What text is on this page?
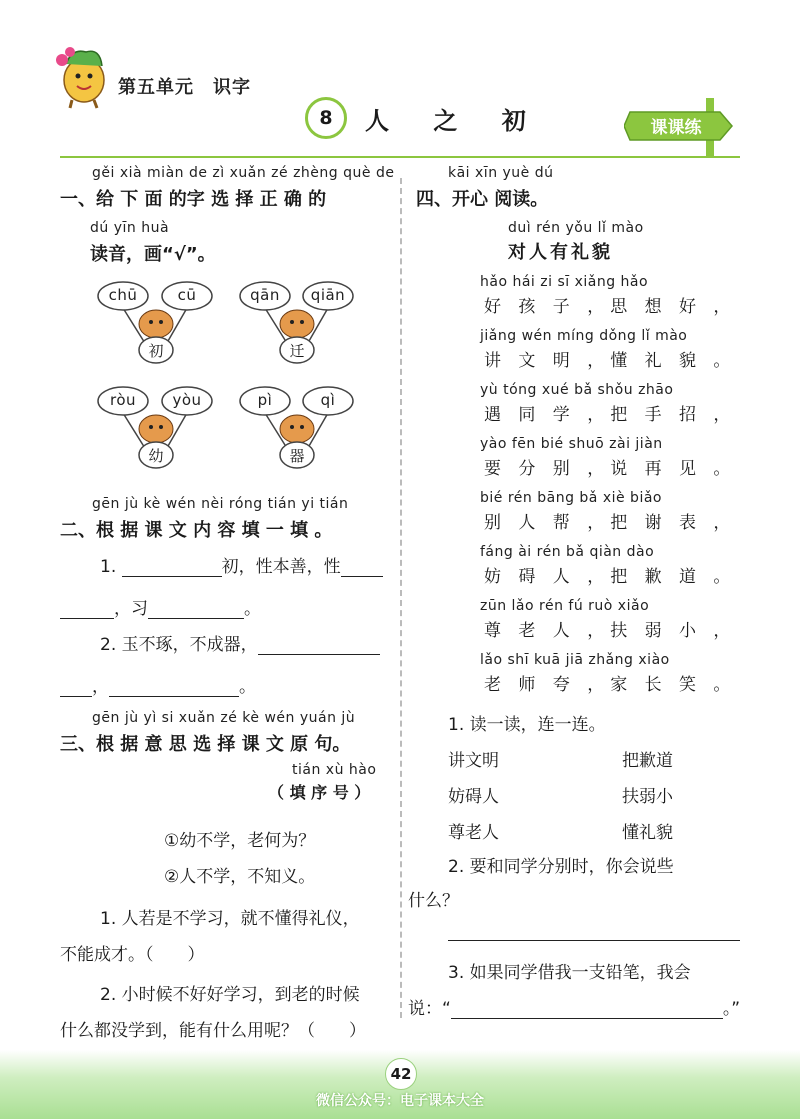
第五单元　识字
8	人 之 初	课课练
gěi xià miàn de zì xuǎn zé zhèng què de
一、给 下 面 的字 选 择 正 确 的
dú yīn huà
读音，画“√”。
chū	cū
初
qān qiān
迁
ròu yòu
幼
pì	qì
器
gēn jù kè wén nèi róng tián yi tián
二、根 据 课 文 内 容 填 一 填 。
1.	初，性本善，性
，习	。
2. 玉不琢，不成器，
，	。
gēn jù yì si xuǎn zé kè wén yuán jù
三、根 据 意 思 选 择 课 文 原 句。
tián xù hào
（ 填 序 号 ）
①幼不学，老何为？
②人不学，不知义。
1. 人若是不学习，就不懂得礼仪，
不能成才。（　　）
2. 小时候不好好学习，到老的时候
什么都没学到，能有什么用呢？（　　）
kāi xīn yuè dú
四、开心 阅读。
duì rén yǒu lǐ mào
对人有礼貌
hǎo hái zi sī xiǎng hǎo
好 孩 子 ，思 想 好 ，
jiǎng wén míng dǒng lǐ mào
讲 文 明 ，懂 礼 貌 。
yù tóng xué bǎ shǒu zhāo
遇 同 学 ，把 手 招 ，
yào fēn bié shuō zài jiàn
要 分 别 ，说 再 见 。
bié rén bāng bǎ xiè biǎo
别 人 帮 ，把 谢 表 ，
fáng ài rén bǎ qiàn dào
妨 碍 人 ，把 歉 道 。
zūn lǎo rén fú ruò xiǎo
尊 老 人 ，扶 弱 小 ，
lǎo shī kuā jiā zhǎng xiào
老 师 夸 ，家 长 笑 。
1. 读一读，连一连。
讲文明	把歉道
妨碍人	扶弱小
尊老人	懂礼貌
2. 要和同学分别时，你会说些
什么？
3. 如果同学借我一支铅笔，我会
说：“	。”
42
微信公众号：电子课本大全
